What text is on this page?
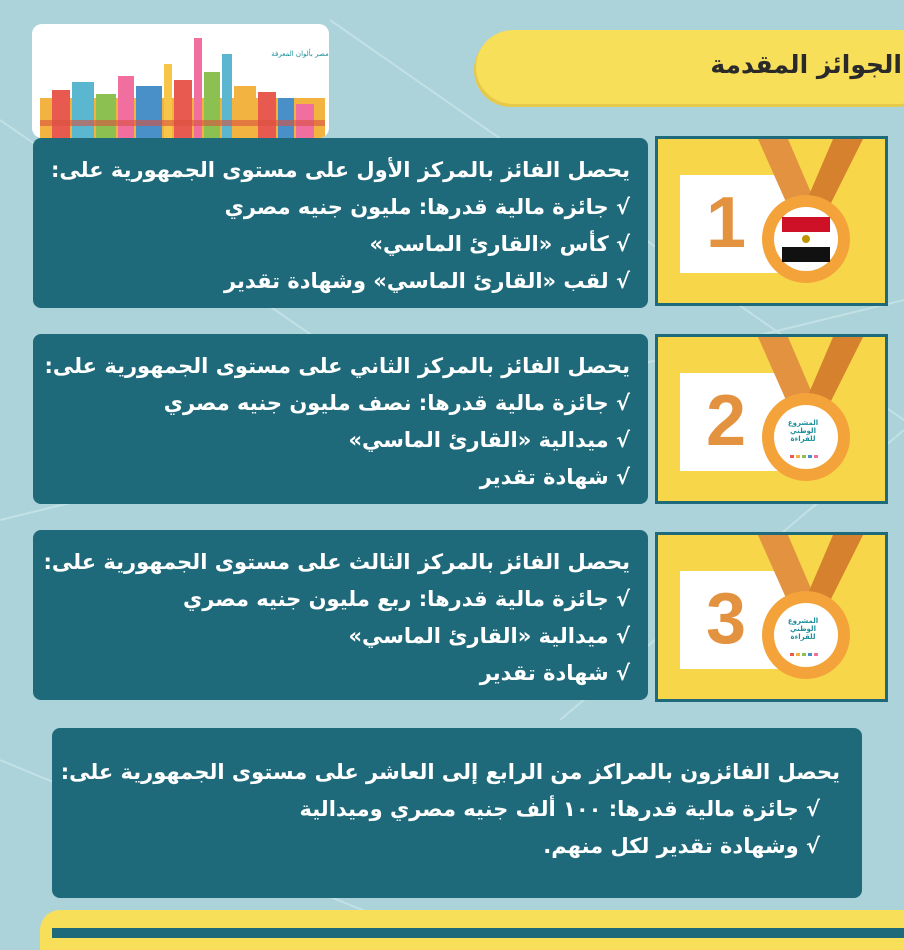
مصر بألوان المعرفة	الجوائز المقدمة
يحصل الفائز بالمركز الأول على مستوى الجمهورية على:
√ جائزة مالية قدرها: مليون جنيه مصري
√ كأس «القارئ الماسي»
√ لقب «القارئ الماسي» وشهادة تقدير
1
يحصل الفائز بالمركز الثاني على مستوى الجمهورية على:
√ جائزة مالية قدرها: نصف مليون جنيه مصري
√ ميدالية «القارئ الماسي»
√ شهادة تقدير
2	المشروع
الوطني
للقراءة
يحصل الفائز بالمركز الثالث على مستوى الجمهورية على:
√ جائزة مالية قدرها: ربع مليون جنيه مصري
√ ميدالية «القارئ الماسي»
√ شهادة تقدير
3	المشروع
الوطني
للقراءة
يحصل الفائزون بالمراكز من الرابع إلى العاشر على مستوى الجمهورية على:
√ جائزة مالية قدرها: ١٠٠ ألف جنيه مصري وميدالية
√ وشهادة تقدير لكل منهم.
